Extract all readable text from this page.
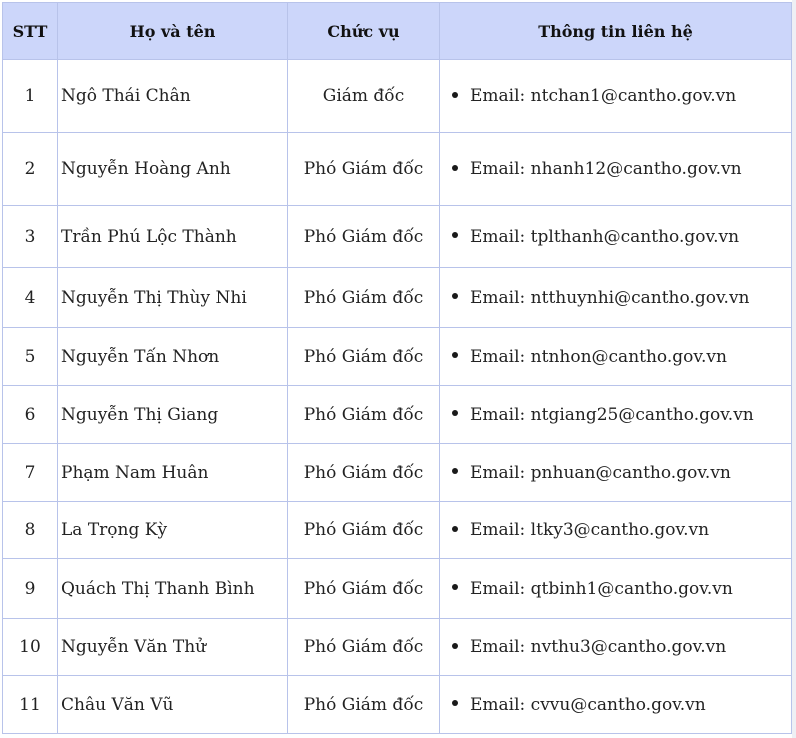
STT	Họ và tên	Chức vụ	Thông tin liên hệ
1	Ngô Thái Chân	Giám đốc	Email: ntchan1@cantho.gov.vn
2	Nguyễn Hoàng Anh	Phó Giám đốc	Email: nhanh12@cantho.gov.vn
3	Trần Phú Lộc Thành	Phó Giám đốc	Email: tplthanh@cantho.gov.vn
4	Nguyễn Thị Thùy Nhi	Phó Giám đốc	Email: ntthuynhi@cantho.gov.vn
5	Nguyễn Tấn Nhơn	Phó Giám đốc	Email: ntnhon@cantho.gov.vn
6	Nguyễn Thị Giang	Phó Giám đốc	Email: ntgiang25@cantho.gov.vn
7	Phạm Nam Huân	Phó Giám đốc	Email: pnhuan@cantho.gov.vn
8	La Trọng Kỳ	Phó Giám đốc	Email: ltky3@cantho.gov.vn
9	Quách Thị Thanh Bình	Phó Giám đốc	Email: qtbinh1@cantho.gov.vn
10	Nguyễn Văn Thử	Phó Giám đốc	Email: nvthu3@cantho.gov.vn
11	Châu Văn Vũ	Phó Giám đốc	Email: cvvu@cantho.gov.vn
